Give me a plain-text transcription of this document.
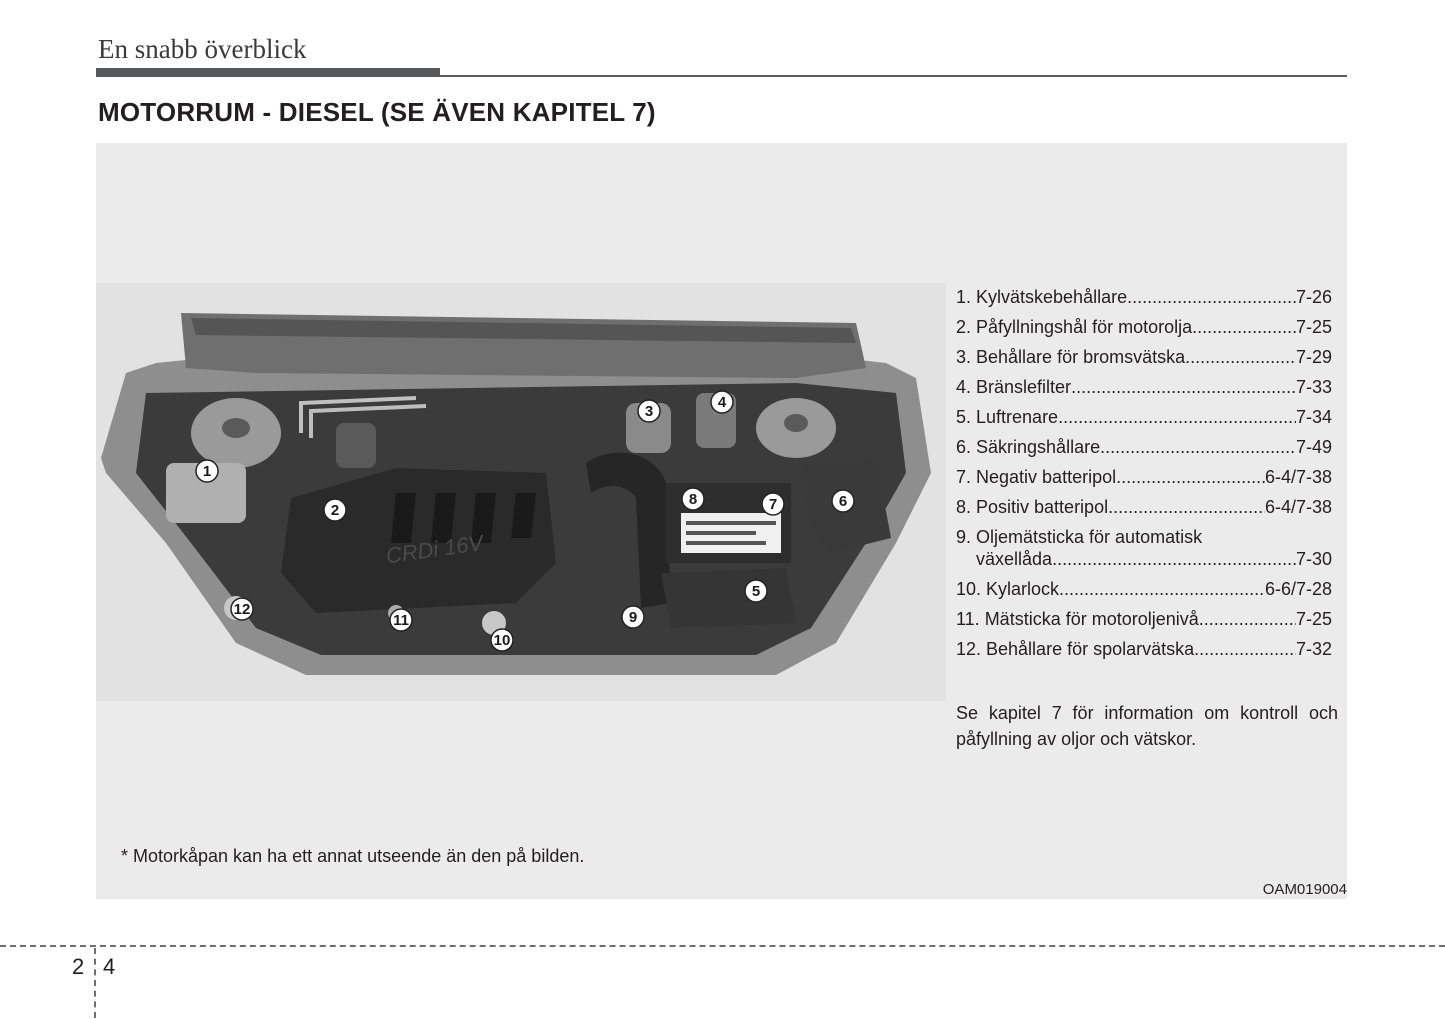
En snabb överblick
MOTORRUM - DIESEL (SE ÄVEN KAPITEL 7)
CRDi 16V
1
2
3
4
5
6
7
8
9
10
11
12
1. Kylvätskebehållare .....	7-26
2. Påfyllningshål för motorolja .....	7-25
3. Behållare för bromsvätska .....	7-29
4. Bränslefilter .....	7-33
5. Luftrenare .....	7-34
6. Säkringshållare .....	7-49
7. Negativ batteripol .....	6-4/7-38
8. Positiv batteripol .....	6-4/7-38
9. Oljemätsticka för automatisk
växellåda .....	7-30
10. Kylarlock .....	6-6/7-28
11. Mätsticka för motoroljenivå .....	7-25
12. Behållare för spolarvätska .....	7-32
Se kapitel 7 för information om kontroll och påfyllning av oljor och vätskor.
* Motorkåpan kan ha ett annat utseende än den på bilden.
OAM019004
2 4
